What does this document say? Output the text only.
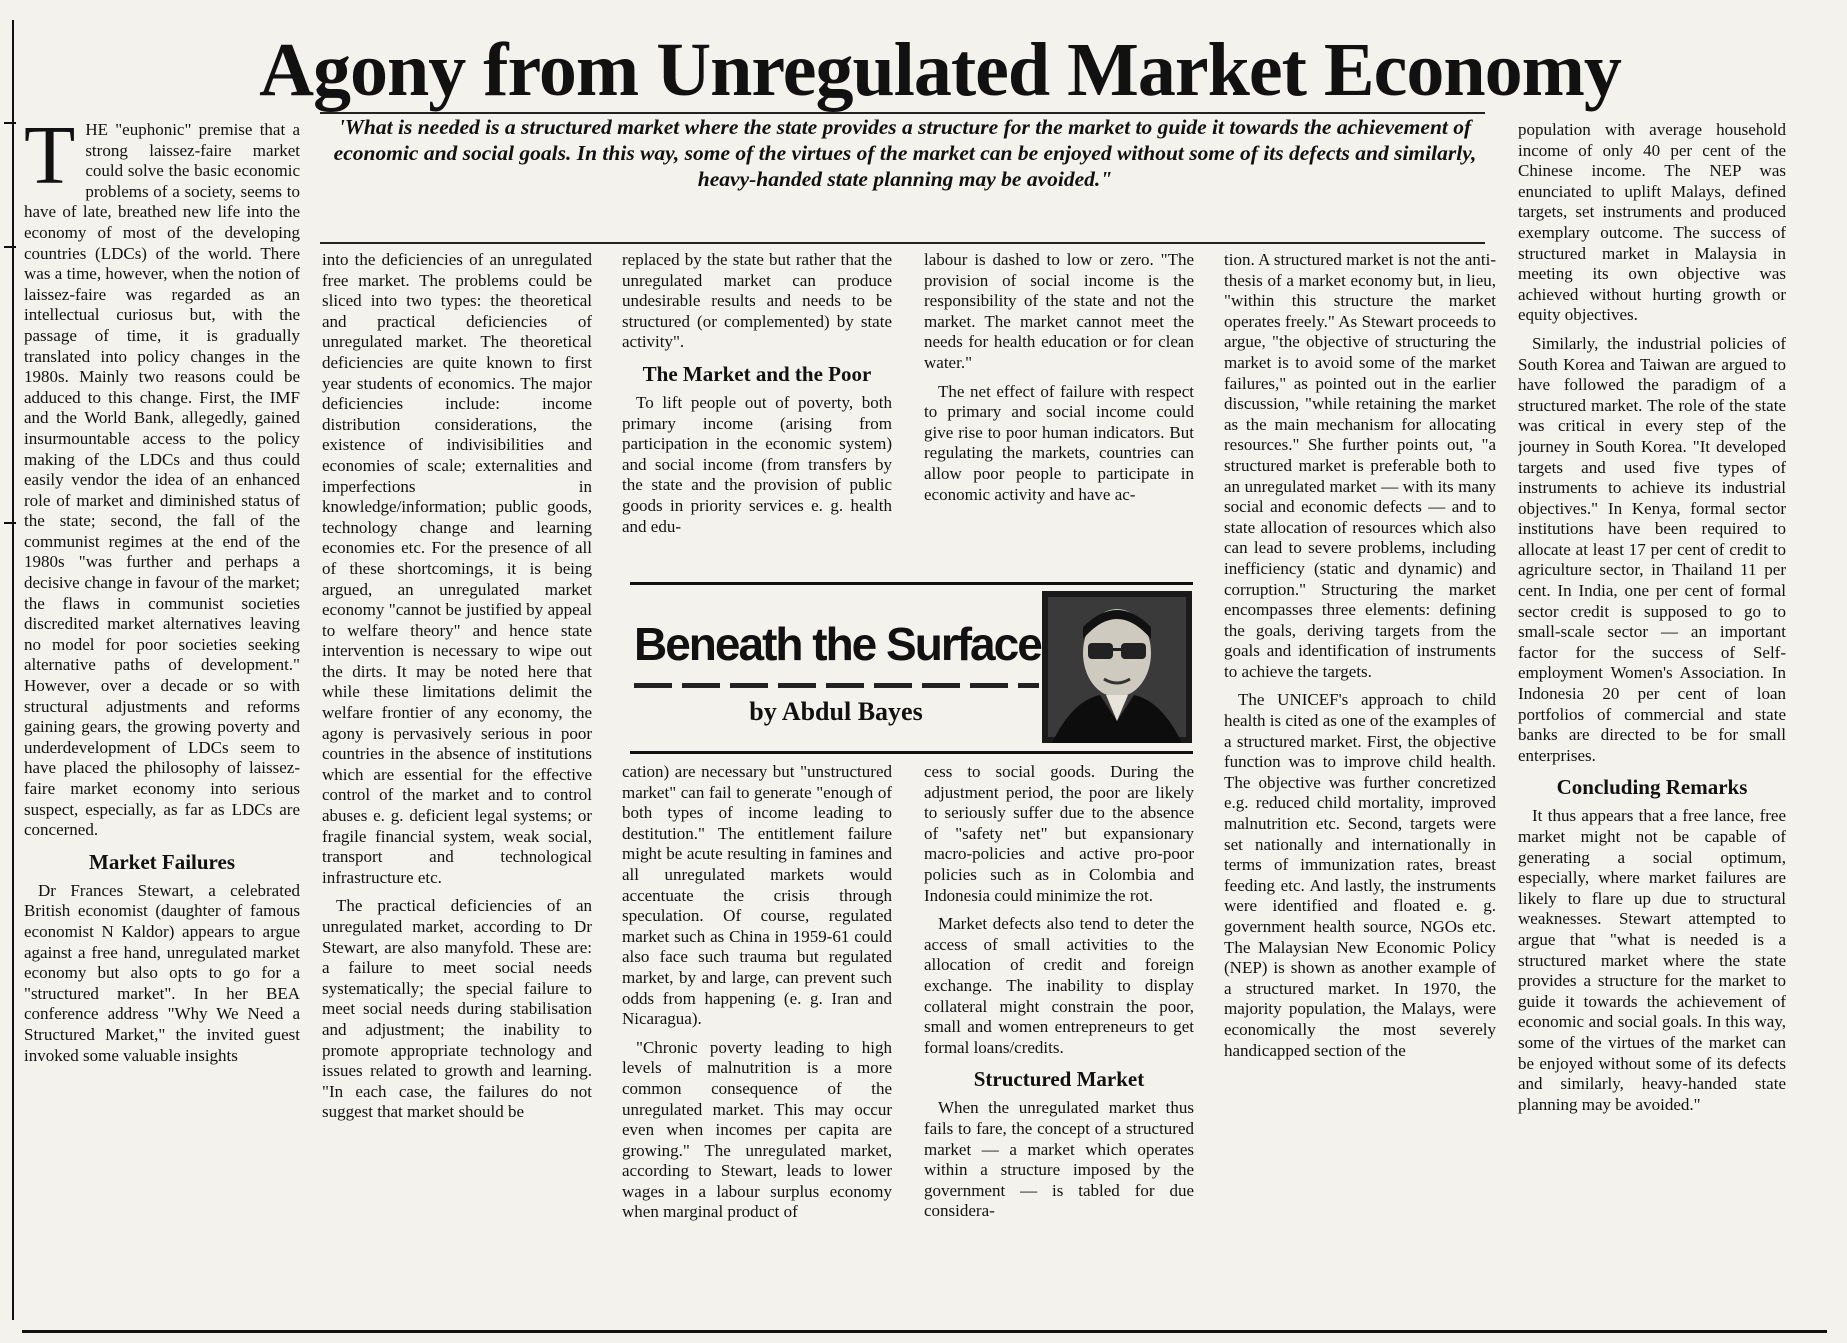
Agony from Unregulated Market Economy

'What is needed is a structured market where the state provides a structure for the market to guide it towards the achievement of economic and social goals. In this way, some of the virtues of the market can be enjoyed without some of its defects and similarly, heavy-handed state planning may be avoided."

THE "euphonic" premise that a strong laissez-faire market could solve the basic economic problems of a society, seems to have of late, breathed new life into the economy of most of the developing countries (LDCs) of the world. There was a time, however, when the notion of laissez-faire was regarded as an intellectual curiosus but, with the passage of time, it is gradually translated into policy changes in the 1980s. Mainly two reasons could be adduced to this change. First, the IMF and the World Bank, allegedly, gained insurmountable access to the policy making of the LDCs and thus could easily vendor the idea of an enhanced role of market and diminished status of the state; second, the fall of the communist regimes at the end of the 1980s "was further and perhaps a decisive change in favour of the market; the flaws in communist societies discredited market alternatives leaving no model for poor societies seeking alternative paths of development." However, over a decade or so with structural adjustments and reforms gaining gears, the growing poverty and underdevelopment of LDCs seem to have placed the philosophy of laissez-faire market economy into serious suspect, especially, as far as LDCs are concerned.

Market Failures

Dr Frances Stewart, a celebrated British economist (daughter of famous economist N Kaldor) appears to argue against a free hand, unregulated market economy but also opts to go for a "structured market". In her BEA conference address "Why We Need a Structured Market," the invited guest invoked some valuable insights

into the deficiencies of an unregulated free market. The problems could be sliced into two types: the theoretical and practical deficiencies of unregulated market. The theoretical deficiencies are quite known to first year students of economics. The major deficiencies include: income distribution considerations, the existence of indivisibilities and economies of scale; externalities and imperfections in knowledge/information; public goods, technology change and learning economies etc. For the presence of all of these shortcomings, it is being argued, an unregulated market economy "cannot be justified by appeal to welfare theory" and hence state intervention is necessary to wipe out the dirts. It may be noted here that while these limitations delimit the welfare frontier of any economy, the agony is pervasively serious in poor countries in the absence of institutions which are essential for the effective control of the market and to control abuses e. g. deficient legal systems; or fragile financial system, weak social, transport and technological infrastructure etc.

The practical deficiencies of an unregulated market, according to Dr Stewart, are also manyfold. These are: a failure to meet social needs systematically; the special failure to meet social needs during stabilisation and adjustment; the inability to promote appropriate technology and issues related to growth and learning. "In each case, the failures do not suggest that market should be

replaced by the state but rather that the unregulated market can produce undesirable results and needs to be structured (or complemented) by state activity".

The Market and the Poor

To lift people out of poverty, both primary income (arising from participation in the economic system) and social income (from transfers by the state and the provision of public goods in priority services e. g. health and edu-

labour is dashed to low or zero. "The provision of social income is the responsibility of the state and not the market. The market cannot meet the needs for health education or for clean water."

The net effect of failure with respect to primary and social income could give rise to poor human indicators. But regulating the markets, countries can allow poor people to participate in economic activity and have ac-

Beneath the Surface
by Abdul Bayes

cation) are necessary but "unstructured market" can fail to generate "enough of both types of income leading to destitution." The entitlement failure might be acute resulting in famines and all unregulated markets would accentuate the crisis through speculation. Of course, regulated market such as China in 1959-61 could also face such trauma but regulated market, by and large, can prevent such odds from happening (e. g. Iran and Nicaragua).

"Chronic poverty leading to high levels of malnutrition is a more common consequence of the unregulated market. This may occur even when incomes per capita are growing." The unregulated market, according to Stewart, leads to lower wages in a labour surplus economy when marginal product of

cess to social goods. During the adjustment period, the poor are likely to seriously suffer due to the absence of "safety net" but expansionary macro-policies and active pro-poor policies such as in Colombia and Indonesia could minimize the rot.

Market defects also tend to deter the access of small activities to the allocation of credit and foreign exchange. The inability to display collateral might constrain the poor, small and women entrepreneurs to get formal loans/credits.

Structured Market

When the unregulated market thus fails to fare, the concept of a structured market — a market which operates within a structure imposed by the government — is tabled for due considera-

tion. A structured market is not the anti-thesis of a market economy but, in lieu, "within this structure the market operates freely." As Stewart proceeds to argue, "the objective of structuring the market is to avoid some of the market failures," as pointed out in the earlier discussion, "while retaining the market as the main mechanism for allocating resources." She further points out, "a structured market is preferable both to an unregulated market — with its many social and economic defects — and to state allocation of resources which also can lead to severe problems, including inefficiency (static and dynamic) and corruption." Structuring the market encompasses three elements: defining the goals, deriving targets from the goals and identification of instruments to achieve the targets.

The UNICEF's approach to child health is cited as one of the examples of a structured market. First, the objective function was to improve child health. The objective was further concretized e.g. reduced child mortality, improved malnutrition etc. Second, targets were set nationally and internationally in terms of immunization rates, breast feeding etc. And lastly, the instruments were identified and floated e. g. government health source, NGOs etc. The Malaysian New Economic Policy (NEP) is shown as another example of a structured market. In 1970, the majority population, the Malays, were economically the most severely handicapped section of the

population with average household income of only 40 per cent of the Chinese income. The NEP was enunciated to uplift Malays, defined targets, set instruments and produced exemplary outcome. The success of structured market in Malaysia in meeting its own objective was achieved without hurting growth or equity objectives.

Similarly, the industrial policies of South Korea and Taiwan are argued to have followed the paradigm of a structured market. The role of the state was critical in every step of the journey in South Korea. "It developed targets and used five types of instruments to achieve its industrial objectives." In Kenya, formal sector institutions have been required to allocate at least 17 per cent of credit to agriculture sector, in Thailand 11 per cent. In India, one per cent of formal sector credit is supposed to go to small-scale sector — an important factor for the success of Self-employment Women's Association. In Indonesia 20 per cent of loan portfolios of commercial and state banks are directed to be for small enterprises.

Concluding Remarks

It thus appears that a free lance, free market might not be capable of generating a social optimum, especially, where market failures are likely to flare up due to structural weaknesses. Stewart attempted to argue that "what is needed is a structured market where the state provides a structure for the market to guide it towards the achievement of economic and social goals. In this way, some of the virtues of the market can be enjoyed without some of its defects and similarly, heavy-handed state planning may be avoided."
